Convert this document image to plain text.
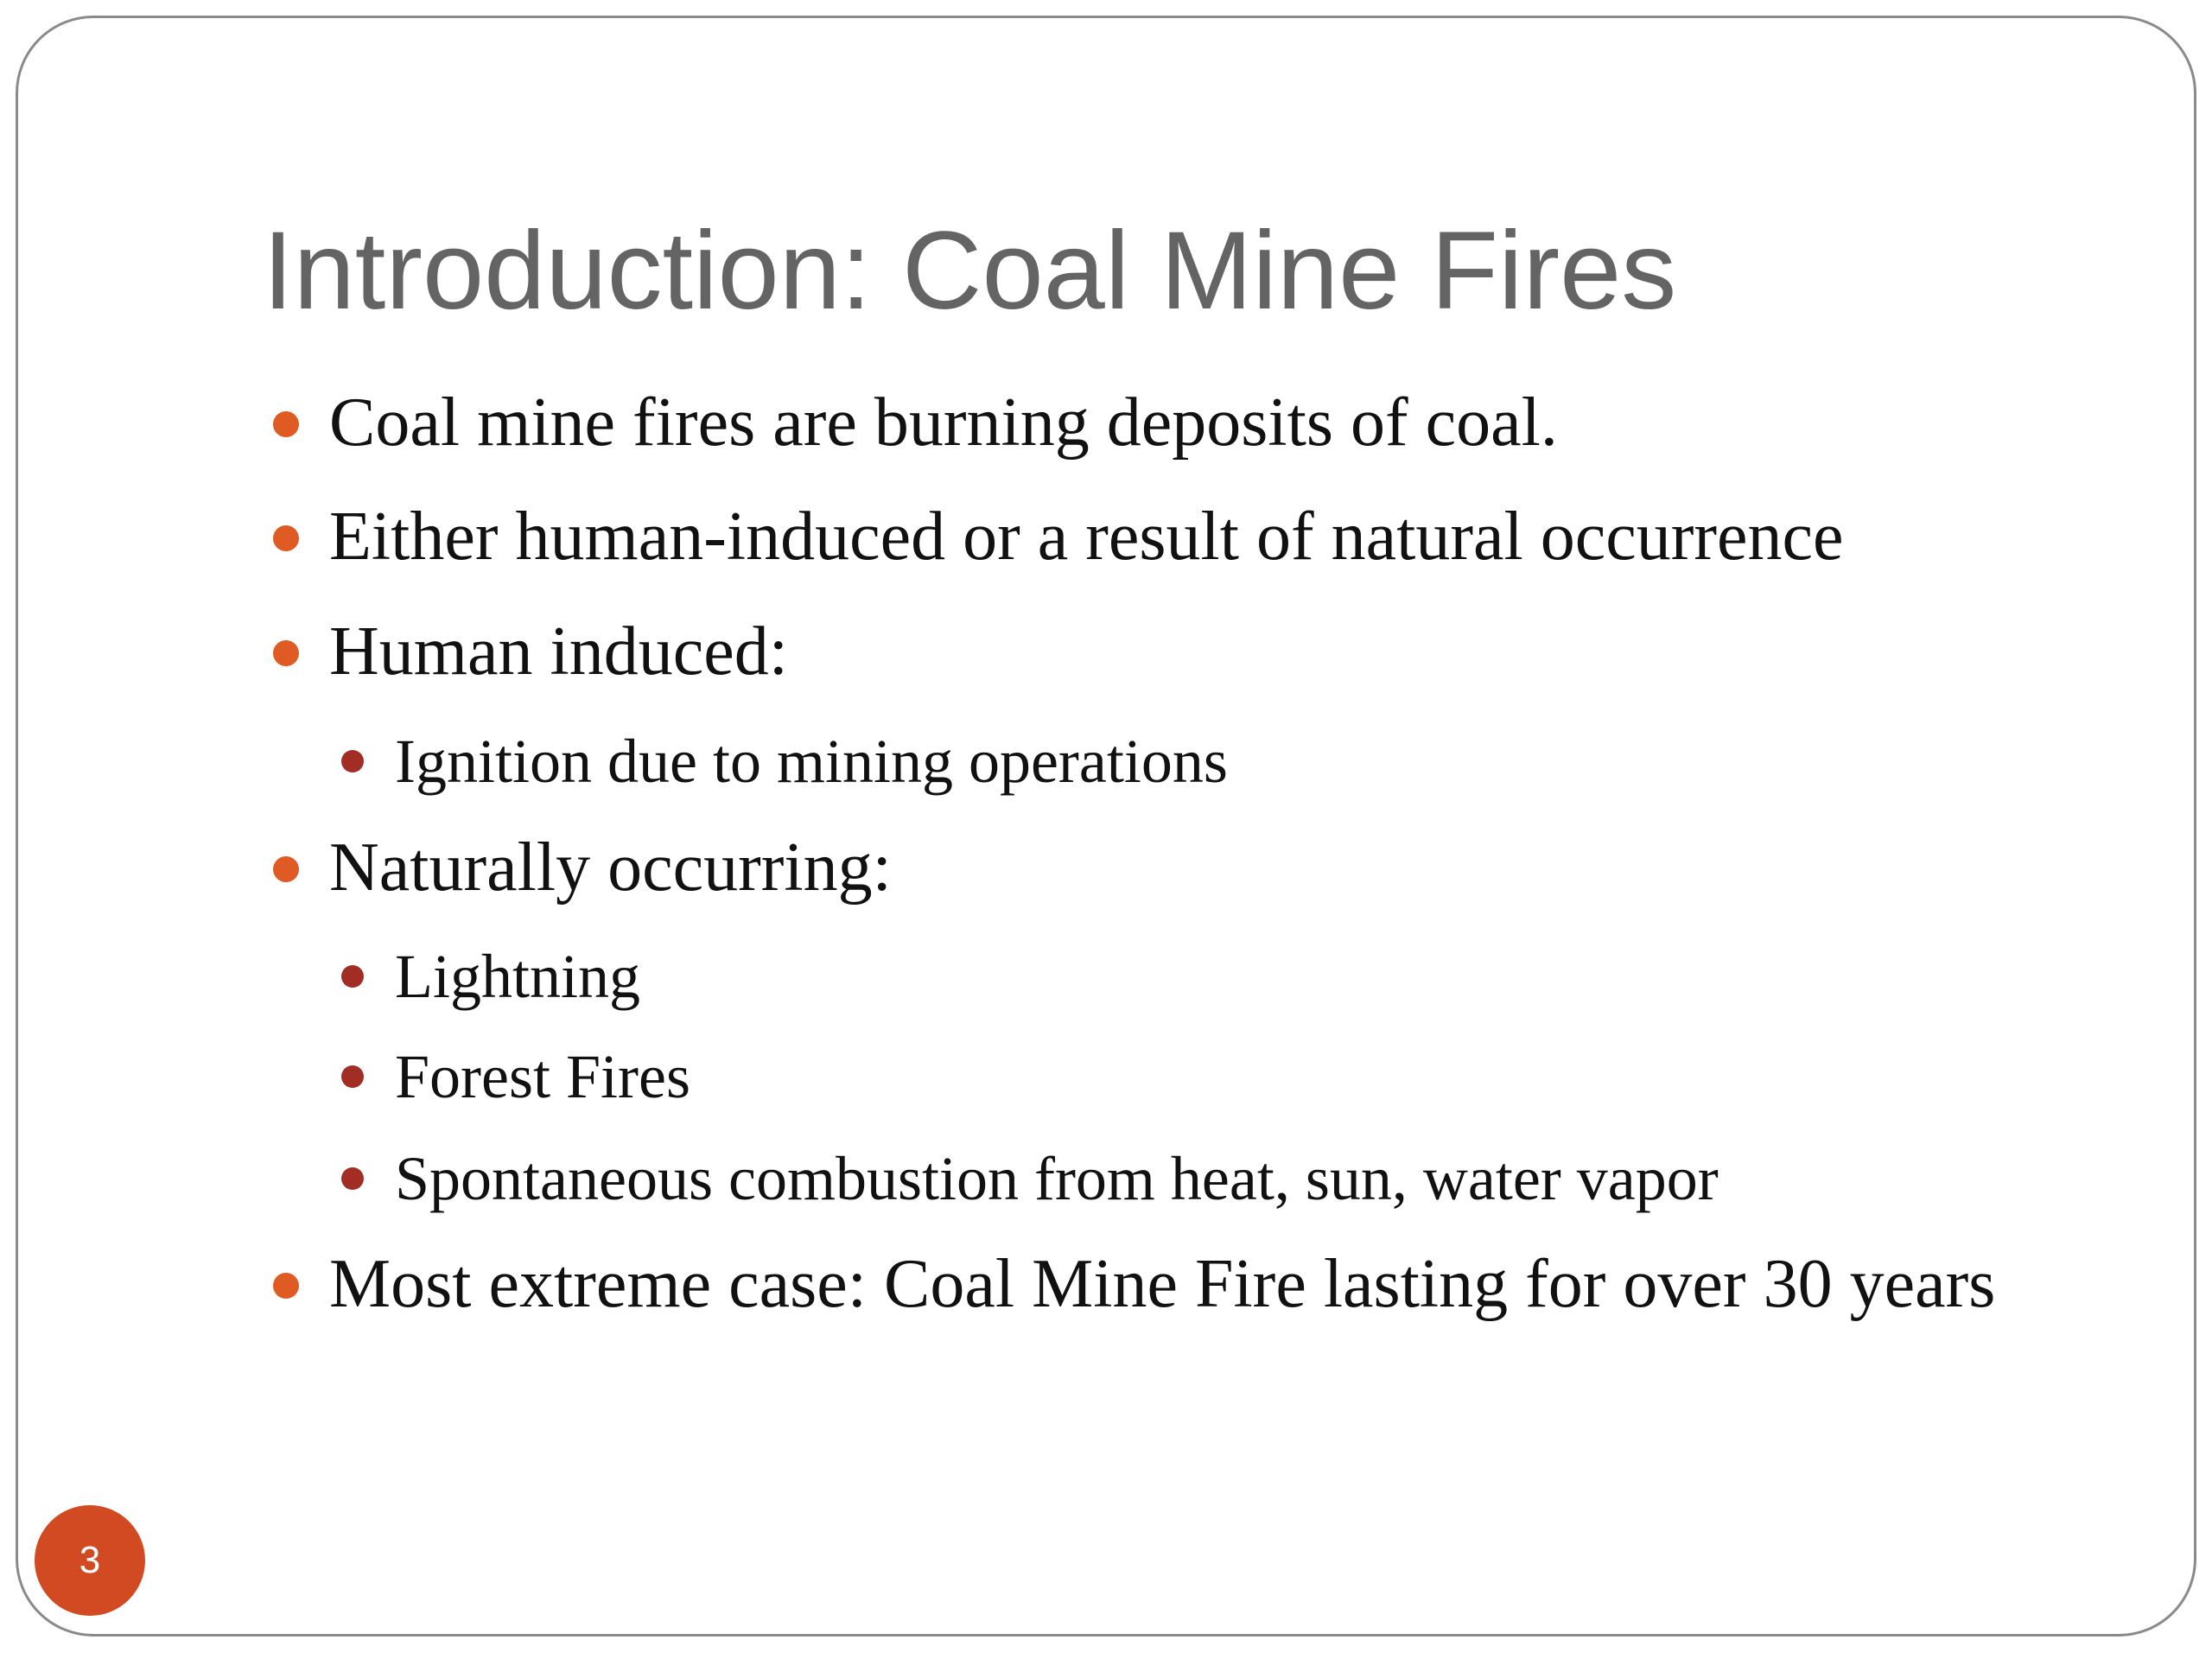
Introduction: Coal Mine Fires
Coal mine fires are burning deposits of coal.
Either human-induced or a result of natural occurrence
Human induced:
Ignition due to mining operations
Naturally occurring:
Lightning
Forest Fires
Spontaneous combustion from heat, sun, water vapor
Most extreme case: Coal Mine Fire lasting for over 30 years
3
